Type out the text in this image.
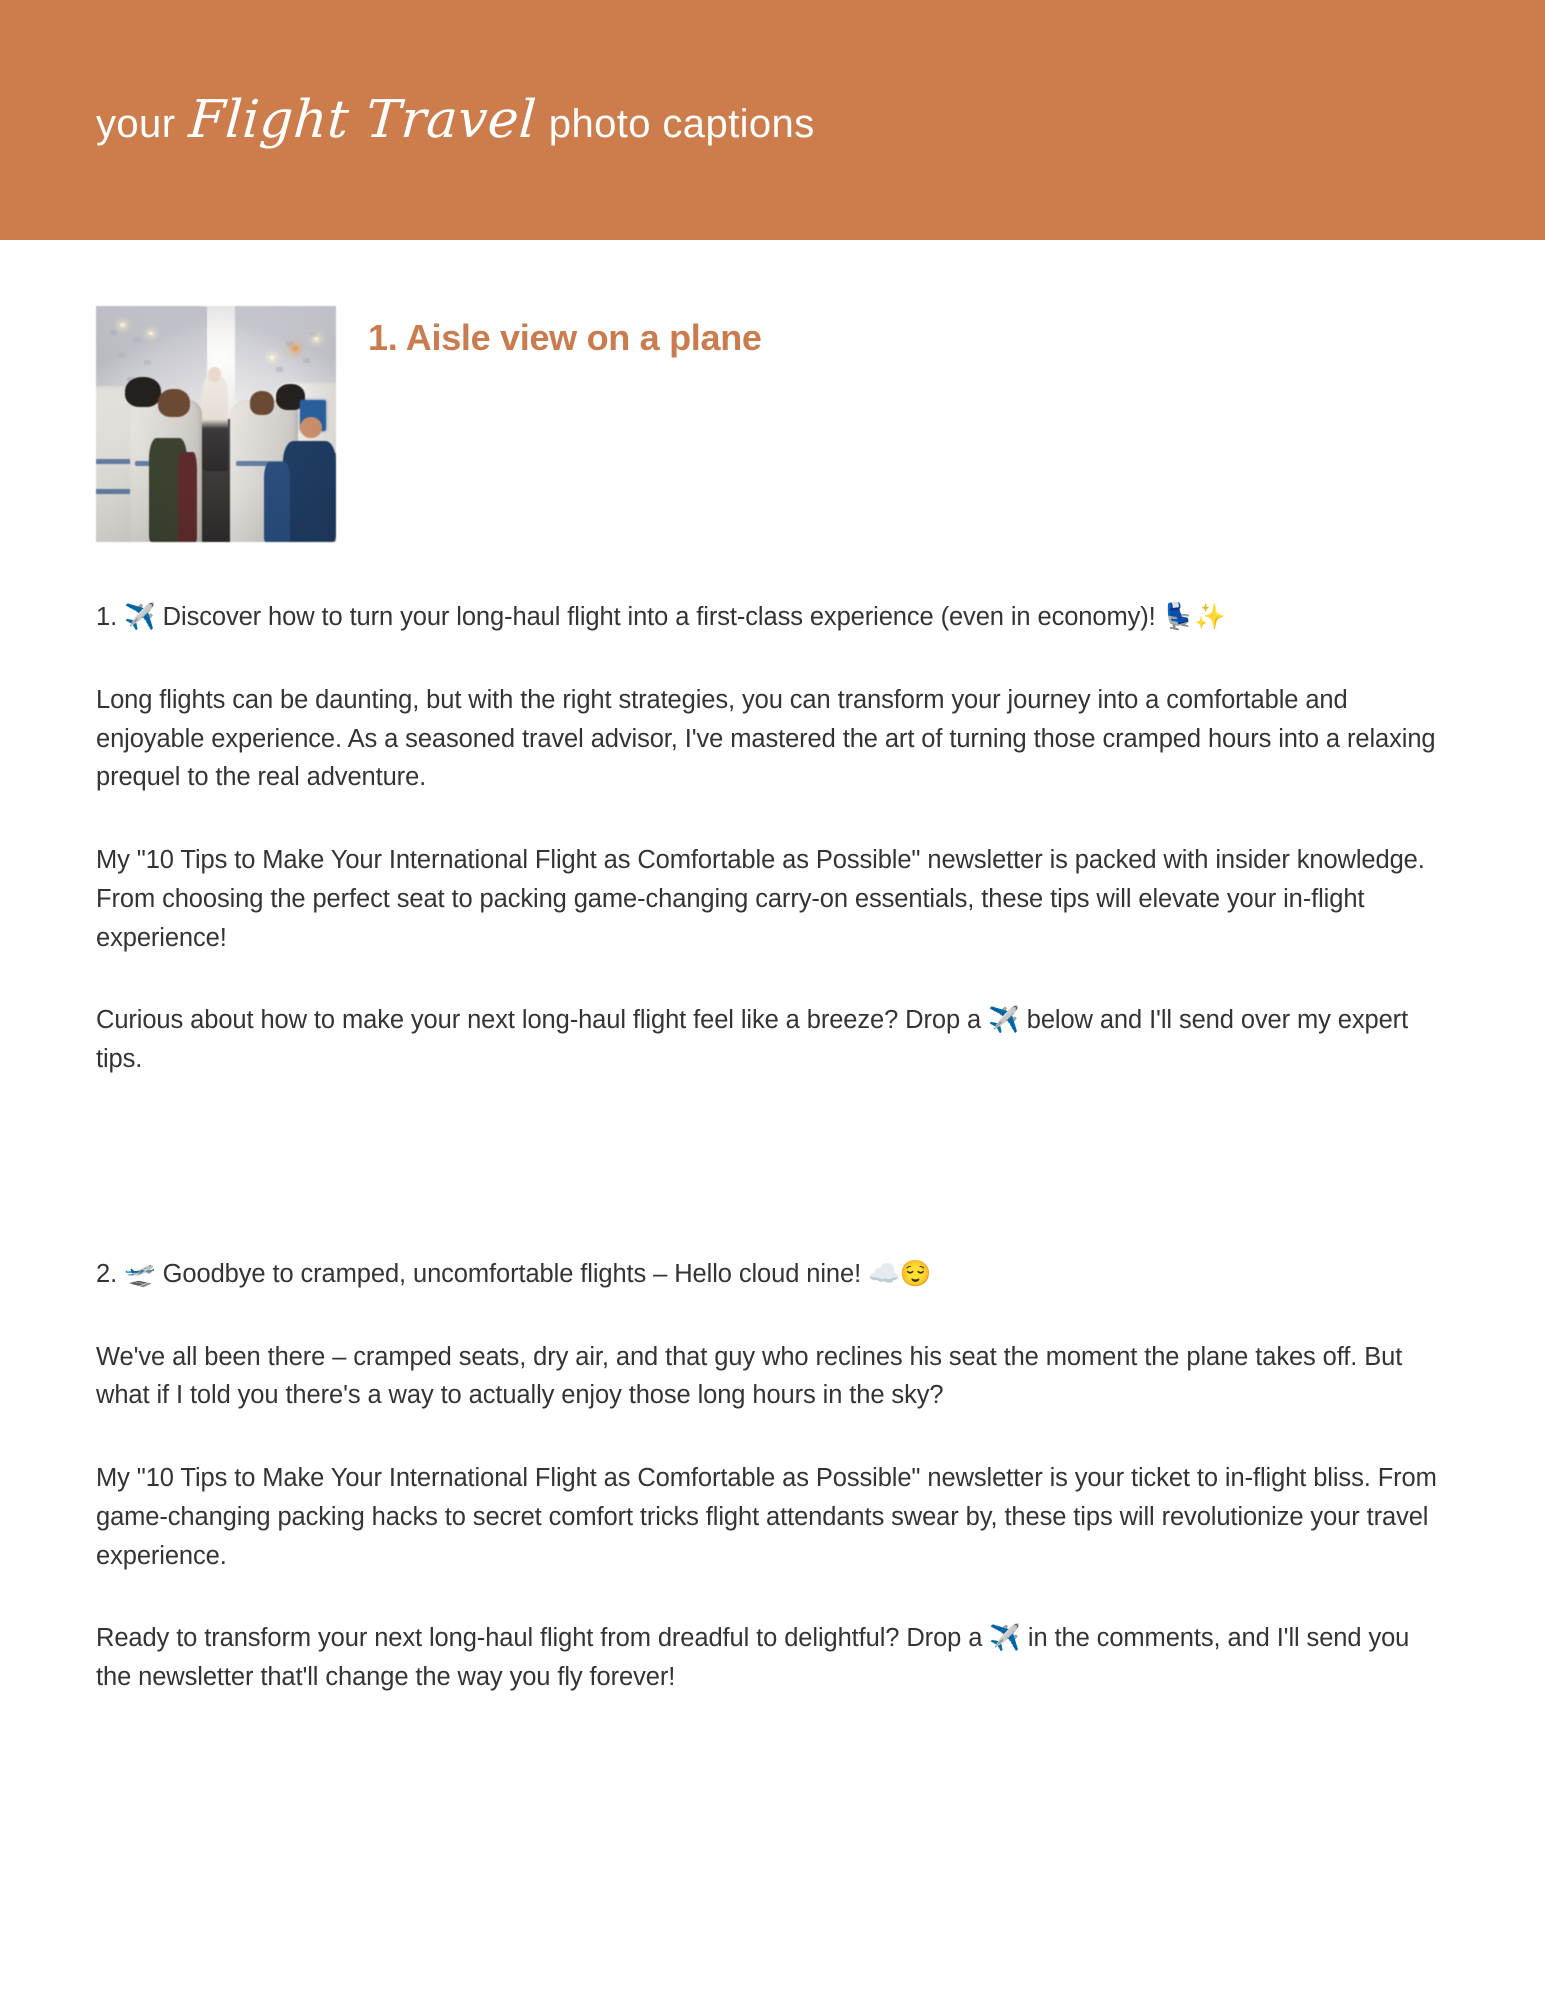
your Flight Travel photo captions
1. Aisle view on a plane

1. ✈️ Discover how to turn your long-haul flight into a first-class experience (even in economy)! 💺✨

Long flights can be daunting, but with the right strategies, you can transform your journey into a comfortable and enjoyable experience. As a seasoned travel advisor, I've mastered the art of turning those cramped hours into a relaxing prequel to the real adventure.

My "10 Tips to Make Your International Flight as Comfortable as Possible" newsletter is packed with insider knowledge. From choosing the perfect seat to packing game-changing carry-on essentials, these tips will elevate your in-flight experience!

Curious about how to make your next long-haul flight feel like a breeze? Drop a ✈️ below and I'll send over my expert tips.

2. 🛫 Goodbye to cramped, uncomfortable flights – Hello cloud nine! ☁️😌

We've all been there – cramped seats, dry air, and that guy who reclines his seat the moment the plane takes off. But what if I told you there's a way to actually enjoy those long hours in the sky?

My "10 Tips to Make Your International Flight as Comfortable as Possible" newsletter is your ticket to in-flight bliss. From game-changing packing hacks to secret comfort tricks flight attendants swear by, these tips will revolutionize your travel experience.

Ready to transform your next long-haul flight from dreadful to delightful? Drop a ✈️ in the comments, and I'll send you the newsletter that'll change the way you fly forever!
